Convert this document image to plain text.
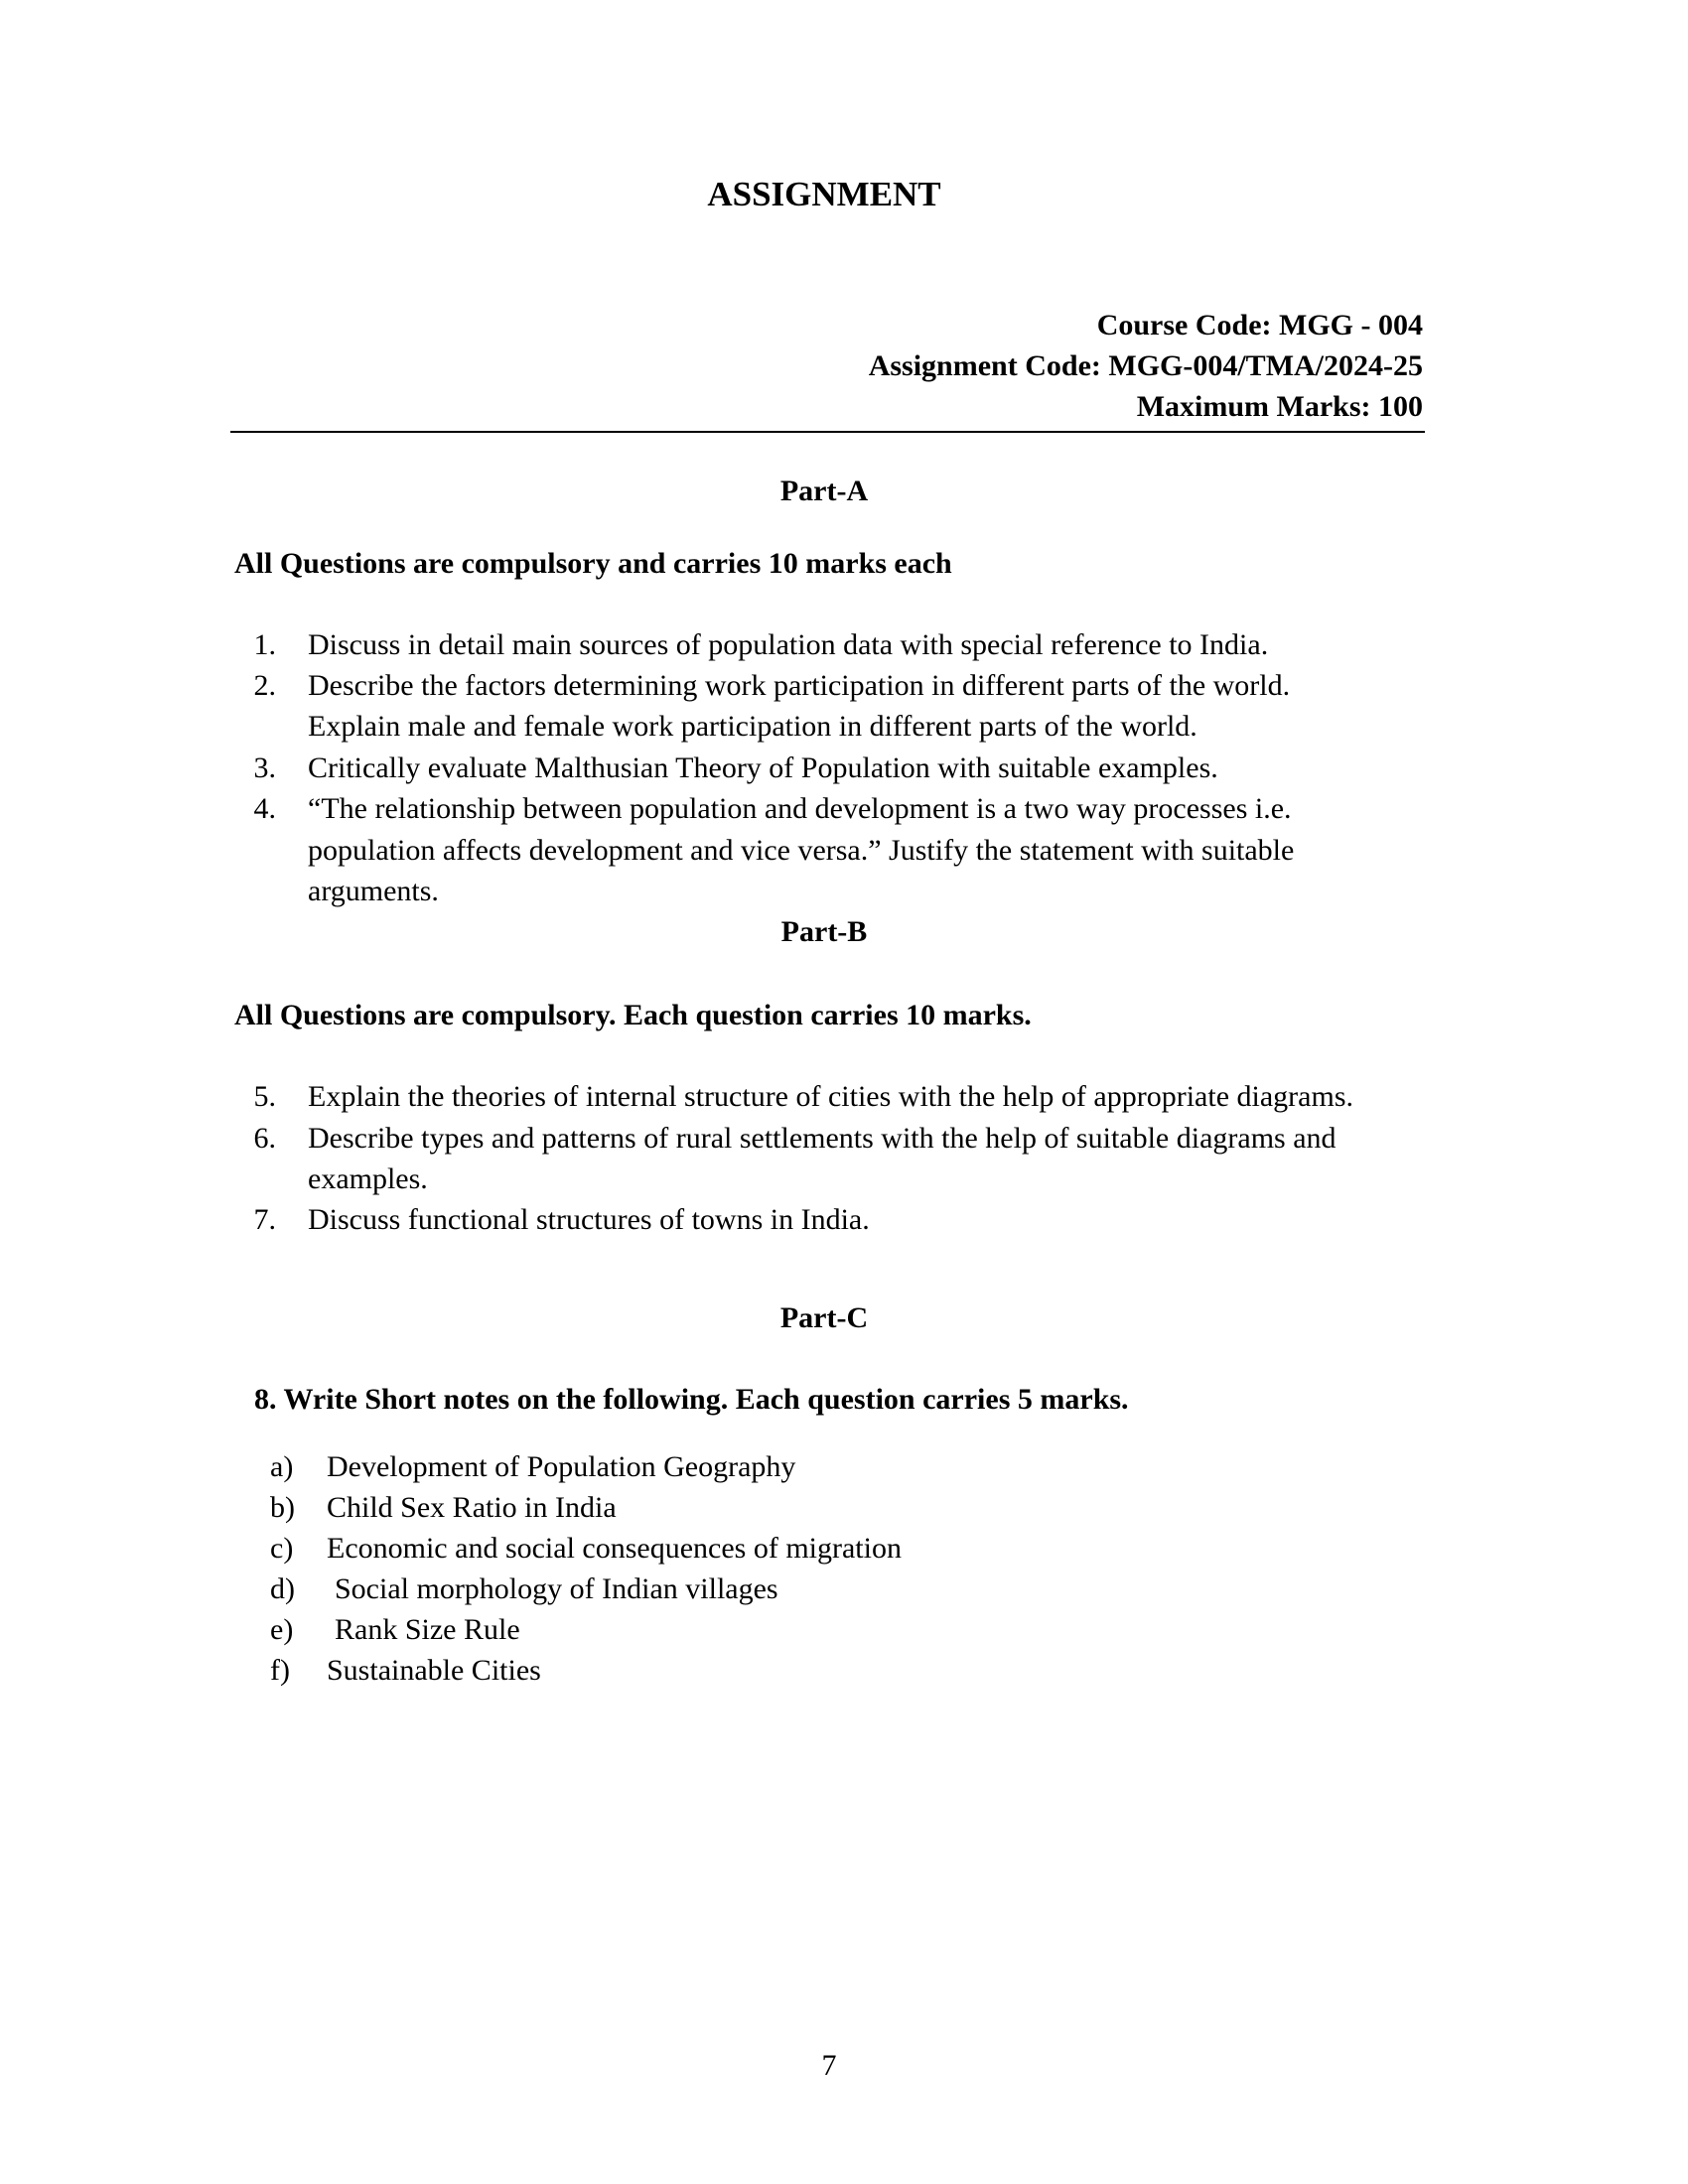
ASSIGNMENT
Course Code: MGG - 004
Assignment Code: MGG-004/TMA/2024-25
Maximum Marks: 100
Part-A
All Questions are compulsory and carries 10 marks each
1. Discuss in detail main sources of population data with special reference to India.
2. Describe the factors determining work participation in different parts of the world.
Explain male and female work participation in different parts of the world.
3. Critically evaluate Malthusian Theory of Population with suitable examples.
4. “The relationship between population and development is a two way processes i.e.
population affects development and vice versa.” Justify the statement with suitable
arguments.
Part-B
All Questions are compulsory. Each question carries 10 marks.
5. Explain the theories of internal structure of cities with the help of appropriate diagrams.
6. Describe types and patterns of rural settlements with the help of suitable diagrams and
examples.
7. Discuss functional structures of towns in India.
Part-C
8. Write Short notes on the following. Each question carries 5 marks.
a) Development of Population Geography
b) Child Sex Ratio in India
c) Economic and social consequences of migration
d) Social morphology of Indian villages
e) Rank Size Rule
f) Sustainable Cities
7
